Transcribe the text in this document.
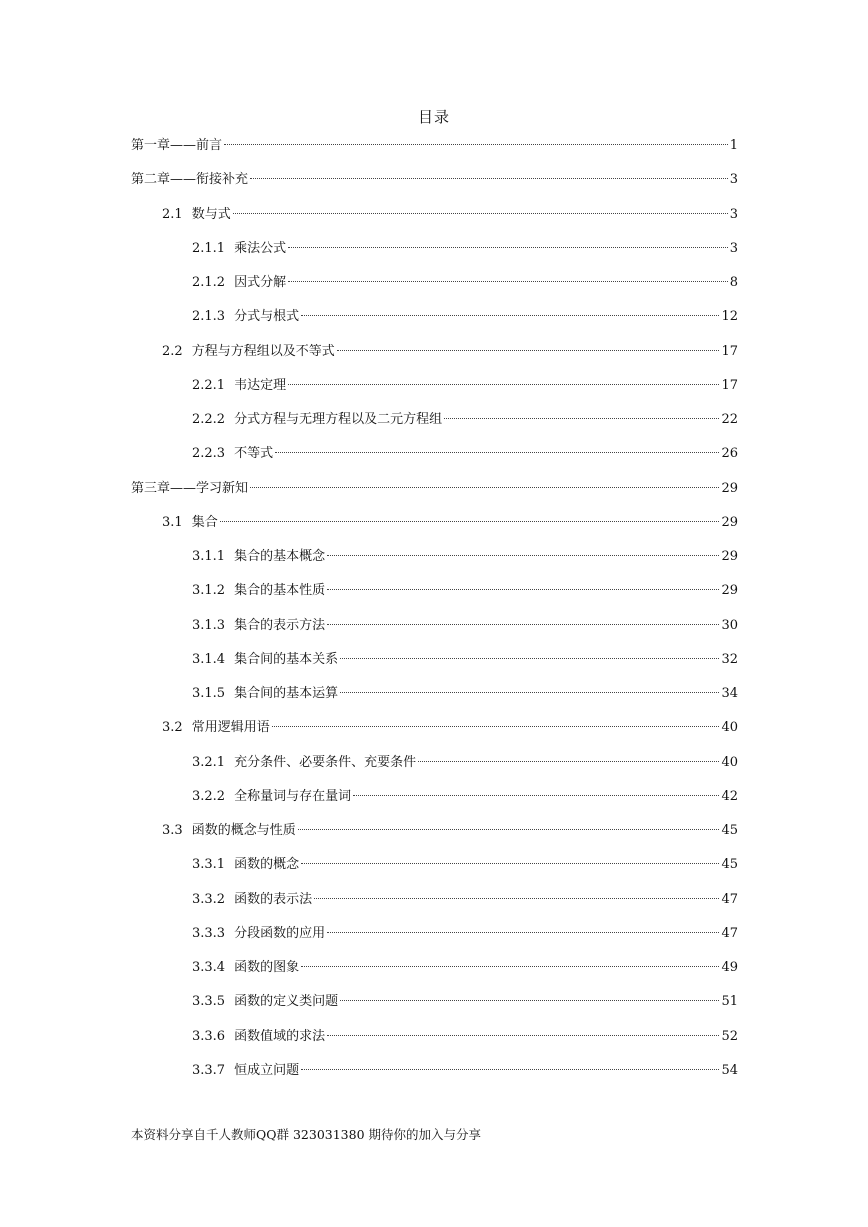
目录
第一章——前言	1
第二章——衔接补充	3
2.1 数与式	3
2.1.1 乘法公式	3
2.1.2 因式分解	8
2.1.3 分式与根式	12
2.2 方程与方程组以及不等式	17
2.2.1 韦达定理	17
2.2.2 分式方程与无理方程以及二元方程组	22
2.2.3 不等式	26
第三章——学习新知	29
3.1 集合	29
3.1.1 集合的基本概念	29
3.1.2 集合的基本性质	29
3.1.3 集合的表示方法	30
3.1.4 集合间的基本关系	32
3.1.5 集合间的基本运算	34
3.2 常用逻辑用语	40
3.2.1 充分条件、必要条件、充要条件	40
3.2.2 全称量词与存在量词	42
3.3 函数的概念与性质	45
3.3.1 函数的概念	45
3.3.2 函数的表示法	47
3.3.3 分段函数的应用	47
3.3.4 函数的图象	49
3.3.5 函数的定义类问题	51
3.3.6 函数值域的求法	52
3.3.7 恒成立问题	54
本资料分享自千人教师QQ群 323031380 期待你的加入与分享
